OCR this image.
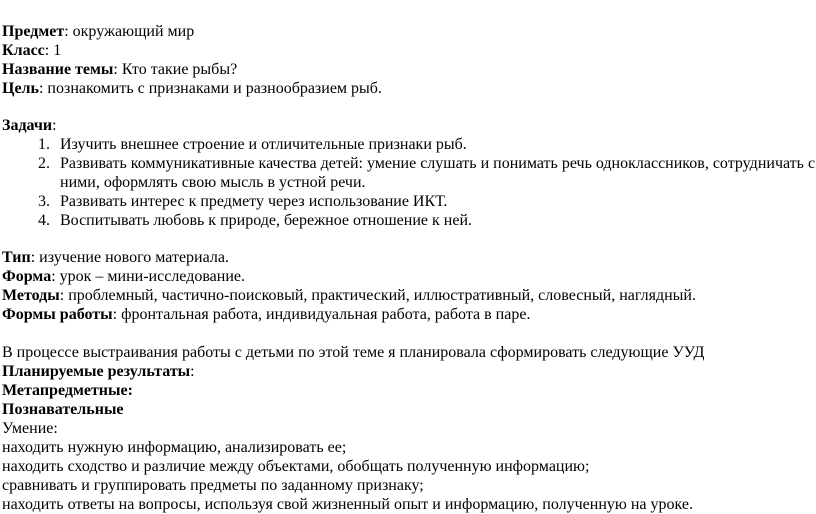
Предмет: окружающий мир
Класс: 1
Название темы: Кто такие рыбы?
Цель: познакомить с признаками и разнообразием рыб.
Задачи:
1. Изучить внешнее строение и отличительные признаки рыб.
2. Развивать коммуникативные качества детей: умение слушать и понимать речь одноклассников, сотрудничать с
ними, оформлять свою мысль в устной речи.
3. Развивать интерес к предмету через использование ИКТ.
4. Воспитывать любовь к природе, бережное отношение к ней.
Тип: изучение нового материала.
Форма: урок – мини-исследование.
Методы: проблемный, частично-поисковый, практический, иллюстративный, словесный, наглядный.
Формы работы: фронтальная работа, индивидуальная работа, работа в паре.
В процессе выстраивания работы с детьми по этой теме я планировала сформировать следующие УУД
Планируемые результаты:
Метапредметные:
Познавательные
Умение:
находить нужную информацию, анализировать ее;
находить сходство и различие между объектами, обобщать полученную информацию;
сравнивать и группировать предметы по заданному признаку;
находить ответы на вопросы, используя свой жизненный опыт и информацию, полученную на уроке.
